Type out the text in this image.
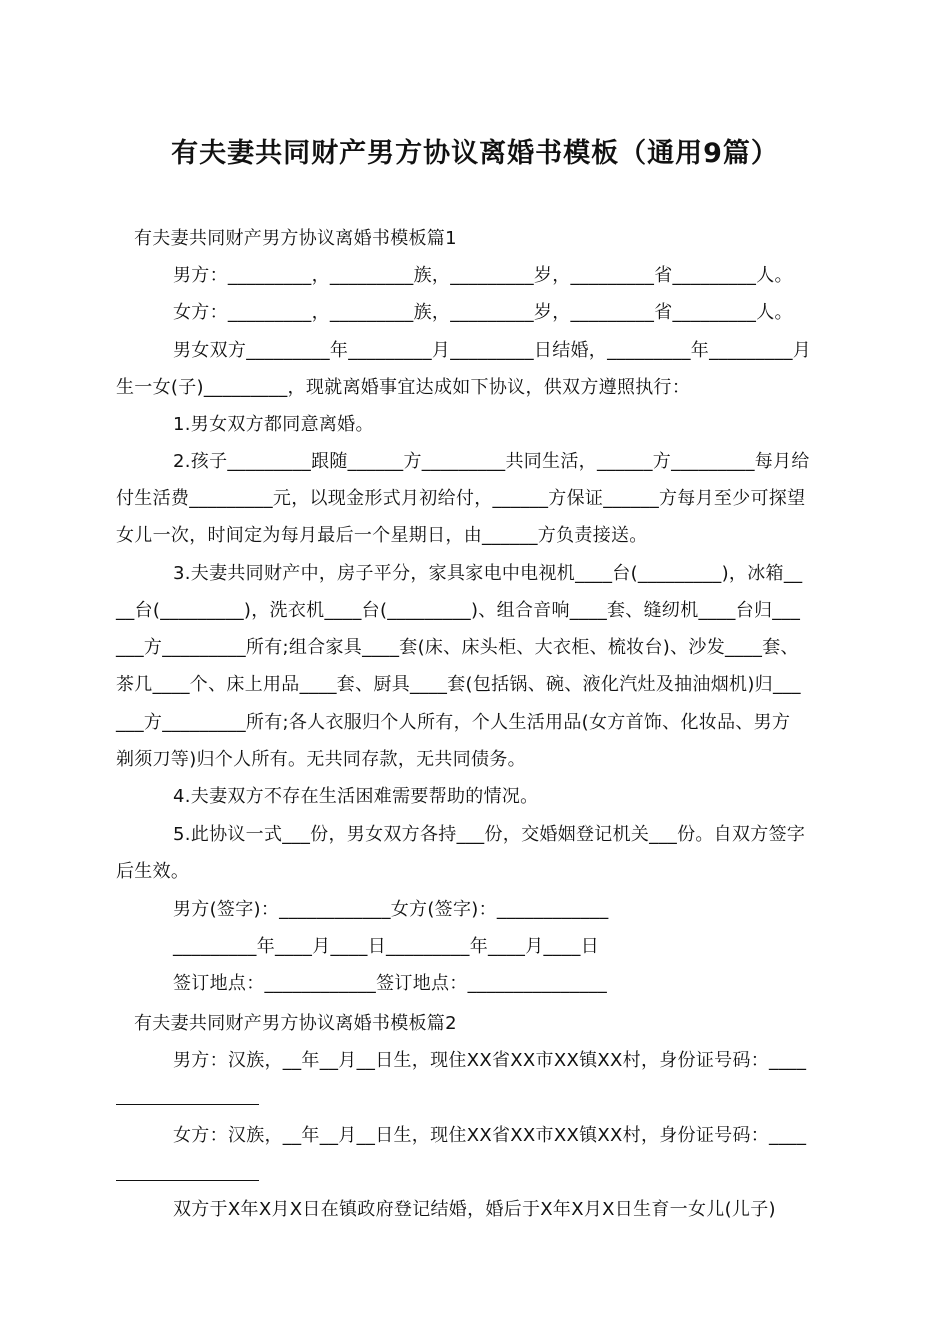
有夫妻共同财产男方协议离婚书模板（通用9篇）
有夫妻共同财产男方协议离婚书模板篇1
男方：_________，_________族，_________岁，_________省_________人。
女方：_________，_________族，_________岁，_________省_________人。
男女双方_________年_________月_________日结婚，_________年_________月
生一女(子)_________，现就离婚事宜达成如下协议，供双方遵照执行：
1.男女双方都同意离婚。
2.孩子_________跟随______方_________共同生活，______方_________每月给
付生活费_________元，以现金形式月初给付，______方保证______方每月至少可探望
女儿一次，时间定为每月最后一个星期日，由______方负责接送。
3.夫妻共同财产中，房子平分，家具家电中电视机____台(_________)，冰箱__
__台(_________)，洗衣机____台(_________)、组合音响____套、缝纫机____台归___
___方_________所有;组合家具____套(床、床头柜、大衣柜、梳妆台)、沙发____套、
茶几____个、床上用品____套、厨具____套(包括锅、碗、液化汽灶及抽油烟机)归___
___方_________所有;各人衣服归个人所有，个人生活用品(女方首饰、化妆品、男方
剃须刀等)归个人所有。无共同存款，无共同债务。
4.夫妻双方不存在生活困难需要帮助的情况。
5.此协议一式___份，男女双方各持___份，交婚姻登记机关___份。自双方签字
后生效。
男方(签字)：____________女方(签字)：____________
_________年____月____日_________年____月____日
签订地点：____________签订地点：_______________
有夫妻共同财产男方协议离婚书模板篇2
男方：汉族，__年__月__日生，现住XX省XX市XX镇XX村，身份证号码：____
女方：汉族，__年__月__日生，现住XX省XX市XX镇XX村，身份证号码：____
双方于X年X月X日在镇政府登记结婚，婚后于X年X月X日生育一女儿(儿子)
